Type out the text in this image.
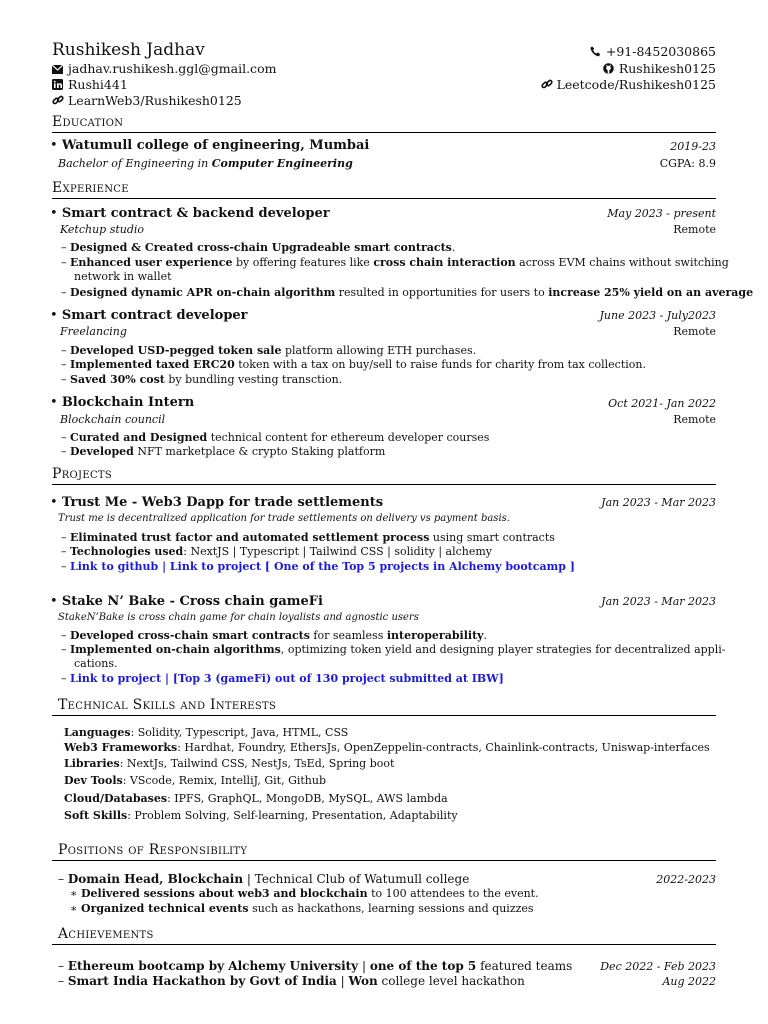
Rushikesh Jadhav
jadhav.rushikesh.ggl@gmail.com
Rushi441
LearnWeb3/Rushikesh0125
+91-8452030865
Rushikesh0125
Leetcode/Rushikesh0125
Education
• Watumull college of engineering, Mumbai	2019-23
Bachelor of Engineering in Computer Engineering	CGPA: 8.9
Experience
• Smart contract & backend developer	May 2023 - present
Ketchup studio	Remote
– Designed & Created cross-chain Upgradeable smart contracts.
– Enhanced user experience by offering features like cross chain interaction across EVM chains without switching
network in wallet
– Designed dynamic APR on-chain algorithm resulted in opportunities for users to increase 25% yield on an average
• Smart contract developer	June 2023 - July2023
Freelancing	Remote
– Developed USD-pegged token sale platform allowing ETH purchases.
– Implemented taxed ERC20 token with a tax on buy/sell to raise funds for charity from tax collection.
– Saved 30% cost by bundling vesting transction.
• Blockchain Intern	Oct 2021- Jan 2022
Blockchain council	Remote
– Curated and Designed technical content for ethereum developer courses
– Developed NFT marketplace & crypto Staking platform
Projects
• Trust Me - Web3 Dapp for trade settlements	Jan 2023 - Mar 2023
Trust me is decentralized application for trade settlements on delivery vs payment basis.
– Eliminated trust factor and automated settlement process using smart contracts
– Technologies used: NextJS | Typescript | Tailwind CSS | solidity | alchemy
– Link to github | Link to project [ One of the Top 5 projects in Alchemy bootcamp ]
• Stake N’ Bake - Cross chain gameFi	Jan 2023 - Mar 2023
StakeN’Bake is cross chain game for chain loyalists and agnostic users
– Developed cross-chain smart contracts for seamless interoperability.
– Implemented on-chain algorithms, optimizing token yield and designing player strategies for decentralized appli-
cations.
– Link to project | [Top 3 (gameFi) out of 130 project submitted at IBW]
Technical Skills and Interests
Languages: Solidity, Typescript, Java, HTML, CSS
Web3 Frameworks: Hardhat, Foundry, EthersJs, OpenZeppelin-contracts, Chainlink-contracts, Uniswap-interfaces
Libraries: NextJs, Tailwind CSS, NestJs, TsEd, Spring boot
Dev Tools: VScode, Remix, IntelliJ, Git, Github
Cloud/Databases: IPFS, GraphQL, MongoDB, MySQL, AWS lambda
Soft Skills: Problem Solving, Self-learning, Presentation, Adaptability
Positions of Responsibility
– Domain Head, Blockchain | Technical Club of Watumull college	2022-2023
∗ Delivered sessions about web3 and blockchain to 100 attendees to the event.
∗ Organized technical events such as hackathons, learning sessions and quizzes
Achievements
– Ethereum bootcamp by Alchemy University | one of the top 5 featured teams	Dec 2022 - Feb 2023
– Smart India Hackathon by Govt of India | Won college level hackathon	Aug 2022
